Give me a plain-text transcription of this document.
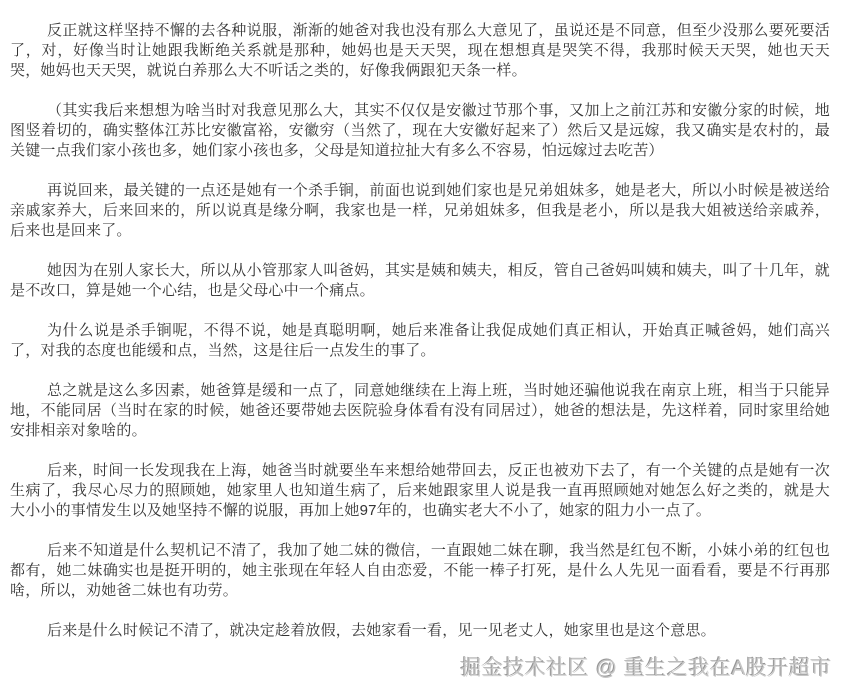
反正就这样坚持不懈的去各种说服，渐渐的她爸对我也没有那么大意见了，虽说还是不同意，但至少没那么要死要活了，对，好像当时让她跟我断绝关系就是那种，她妈也是天天哭，现在想想真是哭笑不得，我那时候天天哭，她也天天哭，她妈也天天哭，就说白养那么大不听话之类的，好像我俩跟犯天条一样。

（其实我后来想想为啥当时对我意见那么大，其实不仅仅是安徽过节那个事，又加上之前江苏和安徽分家的时候，地图竖着切的，确实整体江苏比安徽富裕，安徽穷（当然了，现在大安徽好起来了）然后又是远嫁，我又确实是农村的，最关键一点我们家小孩也多，她们家小孩也多，父母是知道拉扯大有多么不容易，怕远嫁过去吃苦）

再说回来，最关键的一点还是她有一个杀手锏，前面也说到她们家也是兄弟姐妹多，她是老大，所以小时候是被送给亲戚家养大，后来回来的，所以说真是缘分啊，我家也是一样，兄弟姐妹多，但我是老小，所以是我大姐被送给亲戚养，后来也是回来了。

她因为在别人家长大，所以从小管那家人叫爸妈，其实是姨和姨夫，相反，管自己爸妈叫姨和姨夫，叫了十几年，就是不改口，算是她一个心结，也是父母心中一个痛点。

为什么说是杀手锏呢，不得不说，她是真聪明啊，她后来准备让我促成她们真正相认，开始真正喊爸妈，她们高兴了，对我的态度也能缓和点，当然，这是往后一点发生的事了。

总之就是这么多因素，她爸算是缓和一点了，同意她继续在上海上班，当时她还骗他说我在南京上班，相当于只能异地，不能同居（当时在家的时候，她爸还要带她去医院验身体看有没有同居过），她爸的想法是，先这样着，同时家里给她安排相亲对象啥的。

后来，时间一长发现我在上海，她爸当时就要坐车来想给她带回去，反正也被劝下去了，有一个关键的点是她有一次生病了，我尽心尽力的照顾她，她家里人也知道生病了，后来她跟家里人说是我一直再照顾她对她怎么好之类的，就是大大小小的事情发生以及她坚持不懈的说服，再加上她97年的，也确实老大不小了，她家的阻力小一点了。

后来不知道是什么契机记不清了，我加了她二妹的微信，一直跟她二妹在聊，我当然是红包不断，小妹小弟的红包也都有，她二妹确实也是挺开明的，她主张现在年轻人自由恋爱，不能一棒子打死，是什么人先见一面看看，要是不行再那啥，所以，劝她爸二妹也有功劳。

后来是什么时候记不清了，就决定趁着放假，去她家看一看，见一见老丈人，她家里也是这个意思。

掘金技术社区 @ 重生之我在A股开超市
